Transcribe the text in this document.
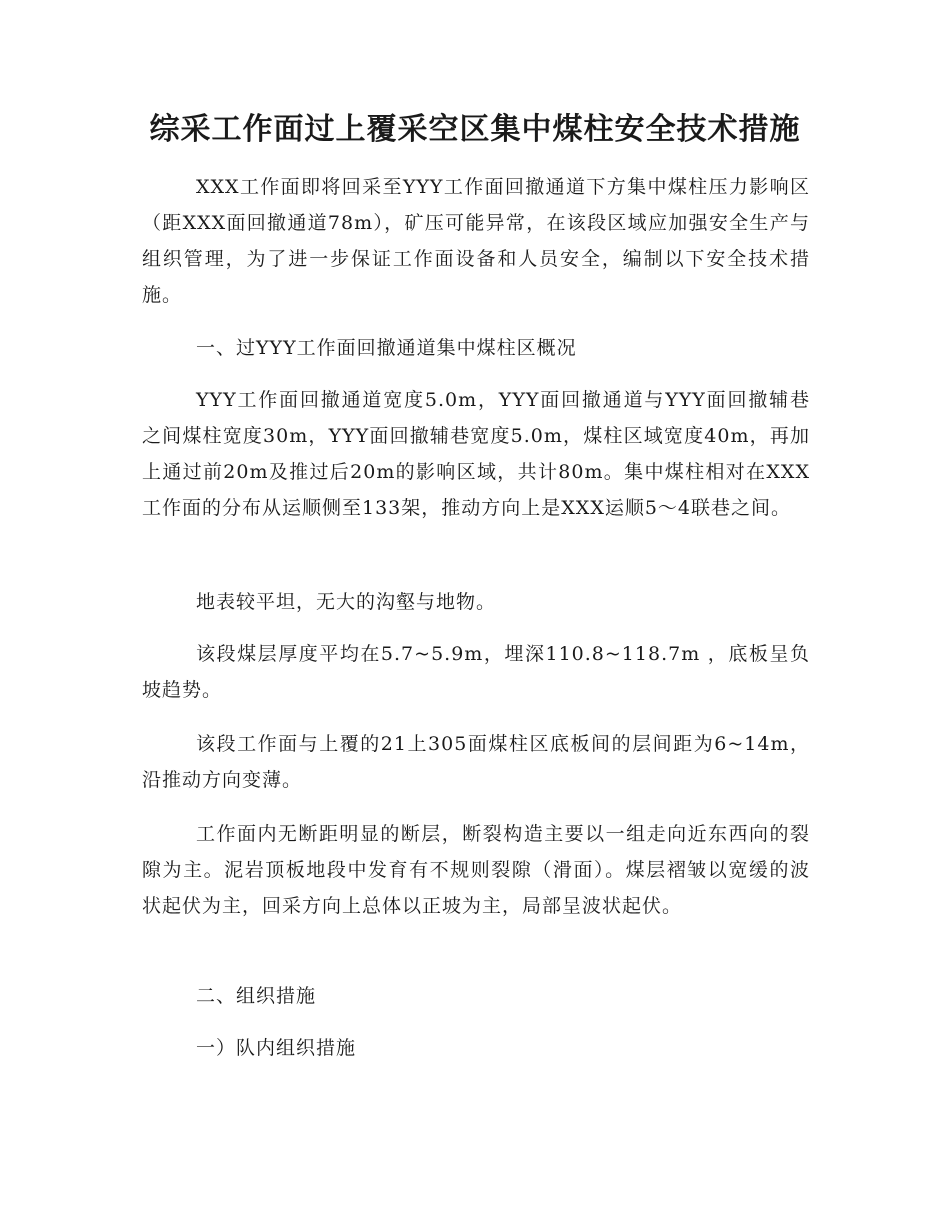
综采工作面过上覆采空区集中煤柱安全技术措施

XXX工作面即将回采至YYY工作面回撤通道下方集中煤柱压力影响区（距XXX面回撤通道78m），矿压可能异常，在该段区域应加强安全生产与组织管理，为了进一步保证工作面设备和人员安全，编制以下安全技术措施。

一、过YYY工作面回撤通道集中煤柱区概况

YYY工作面回撤通道宽度5.0m，YYY面回撤通道与YYY面回撤辅巷之间煤柱宽度30m，YYY面回撤辅巷宽度5.0m，煤柱区域宽度40m，再加上通过前20m及推过后20m的影响区域，共计80m。集中煤柱相对在XXX工作面的分布从运顺侧至133架，推动方向上是XXX运顺5～4联巷之间。

地表较平坦，无大的沟壑与地物。

该段煤层厚度平均在5.7~5.9m，埋深110.8~118.7m ，底板呈负坡趋势。

该段工作面与上覆的21上305面煤柱区底板间的层间距为6~14m，沿推动方向变薄。

工作面内无断距明显的断层，断裂构造主要以一组走向近东西向的裂隙为主。泥岩顶板地段中发育有不规则裂隙（滑面）。煤层褶皱以宽缓的波状起伏为主，回采方向上总体以正坡为主，局部呈波状起伏。

二、组织措施

一）队内组织措施
